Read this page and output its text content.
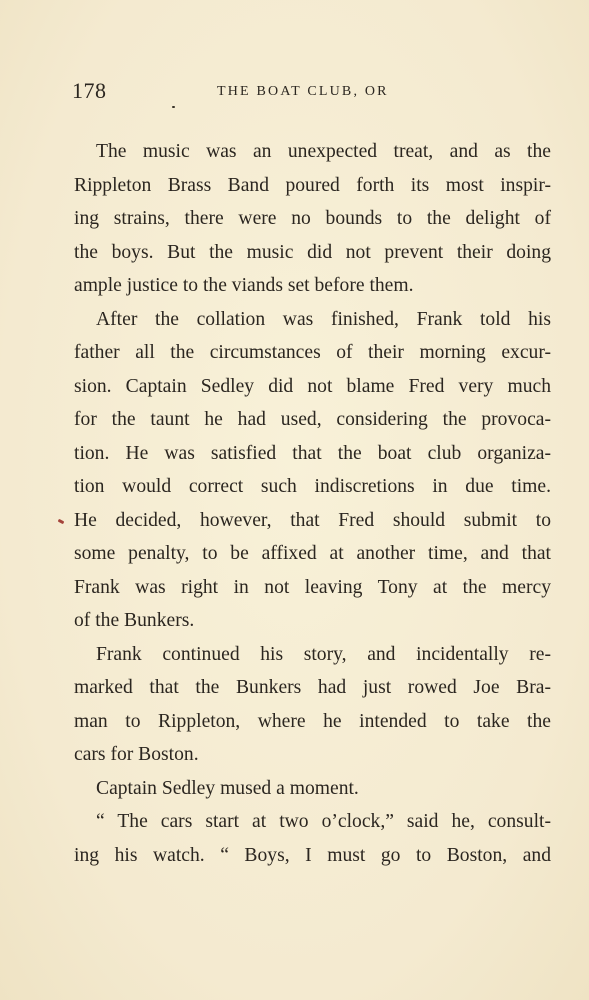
178	THE BOAT CLUB, OR
The music was an unexpected treat, and as the
Rippleton Brass Band poured forth its most inspir-
ing strains, there were no bounds to the delight of
the boys. But the music did not prevent their doing
ample justice to the viands set before them.
After the collation was finished, Frank told his
father all the circumstances of their morning excur-
sion. Captain Sedley did not blame Fred very much
for the taunt he had used, considering the provoca-
tion. He was satisfied that the boat club organiza-
tion would correct such indiscretions in due time.
He decided, however, that Fred should submit to
some penalty, to be affixed at another time, and that
Frank was right in not leaving Tony at the mercy
of the Bunkers.
Frank continued his story, and incidentally re-
marked that the Bunkers had just rowed Joe Bra-
man to Rippleton, where he intended to take the
cars for Boston.
Captain Sedley mused a moment.
“ The cars start at two o’clock,” said he, consult-
ing his watch. “ Boys, I must go to Boston, and
